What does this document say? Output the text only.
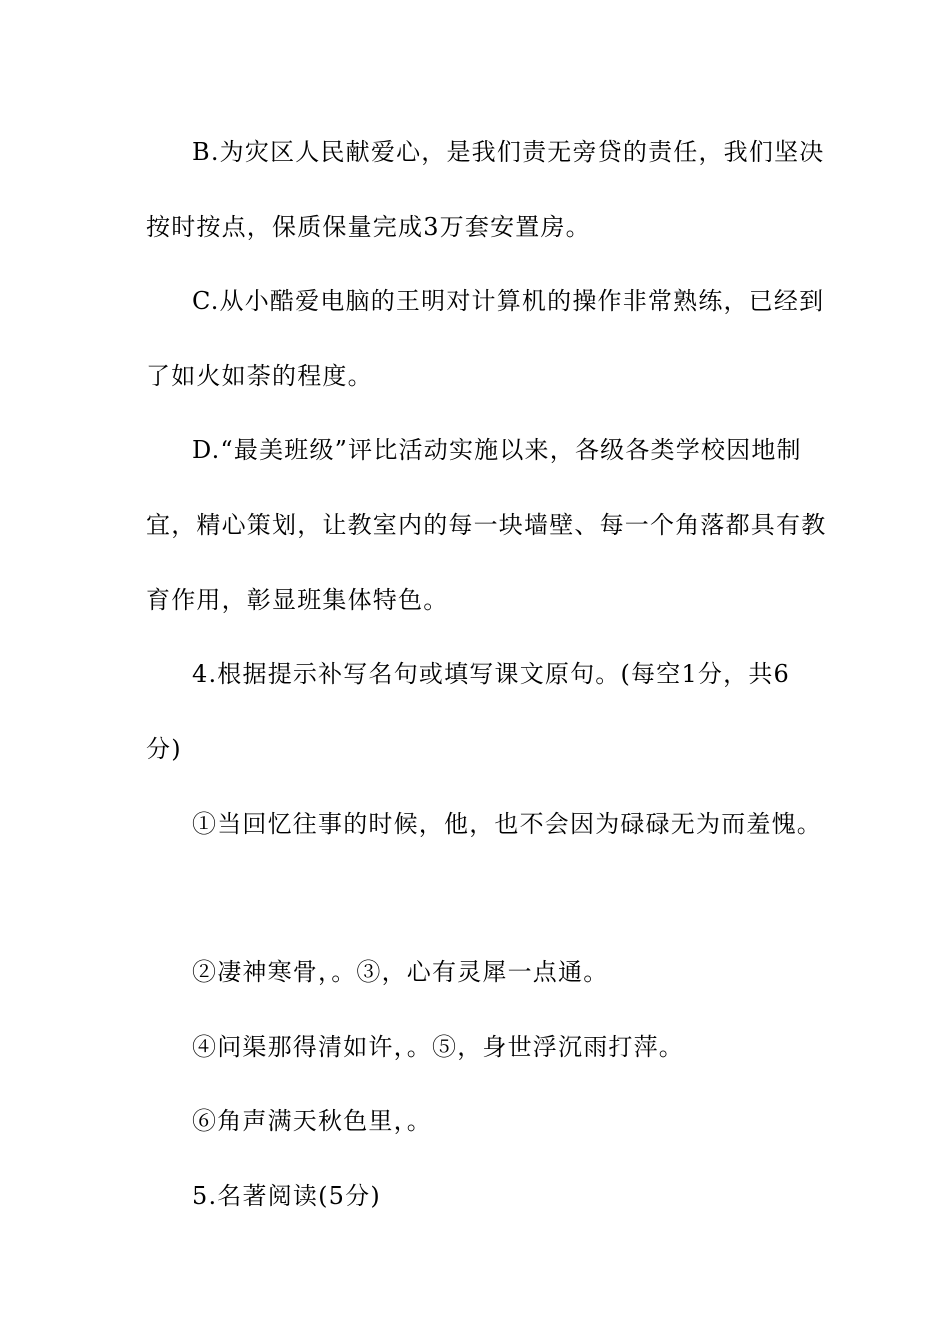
B.为灾区人民献爱心，是我们责无旁贷的责任，我们坚决
按时按点，保质保量完成3万套安置房。
C.从小酷爱电脑的王明对计算机的操作非常熟练，已经到
了如火如荼的程度。
D.“最美班级”评比活动实施以来，各级各类学校因地制
宜，精心策划，让教室内的每一块墙壁、每一个角落都具有教
育作用，彰显班集体特色。
4.根据提示补写名句或填写课文原句。(每空1分，共6
分)
①当回忆往事的时候，他，也不会因为碌碌无为而羞愧。
②凄神寒骨，。③，心有灵犀一点通。
④问渠那得清如许，。⑤，身世浮沉雨打萍。
⑥角声满天秋色里，。
5.名著阅读(5分)
